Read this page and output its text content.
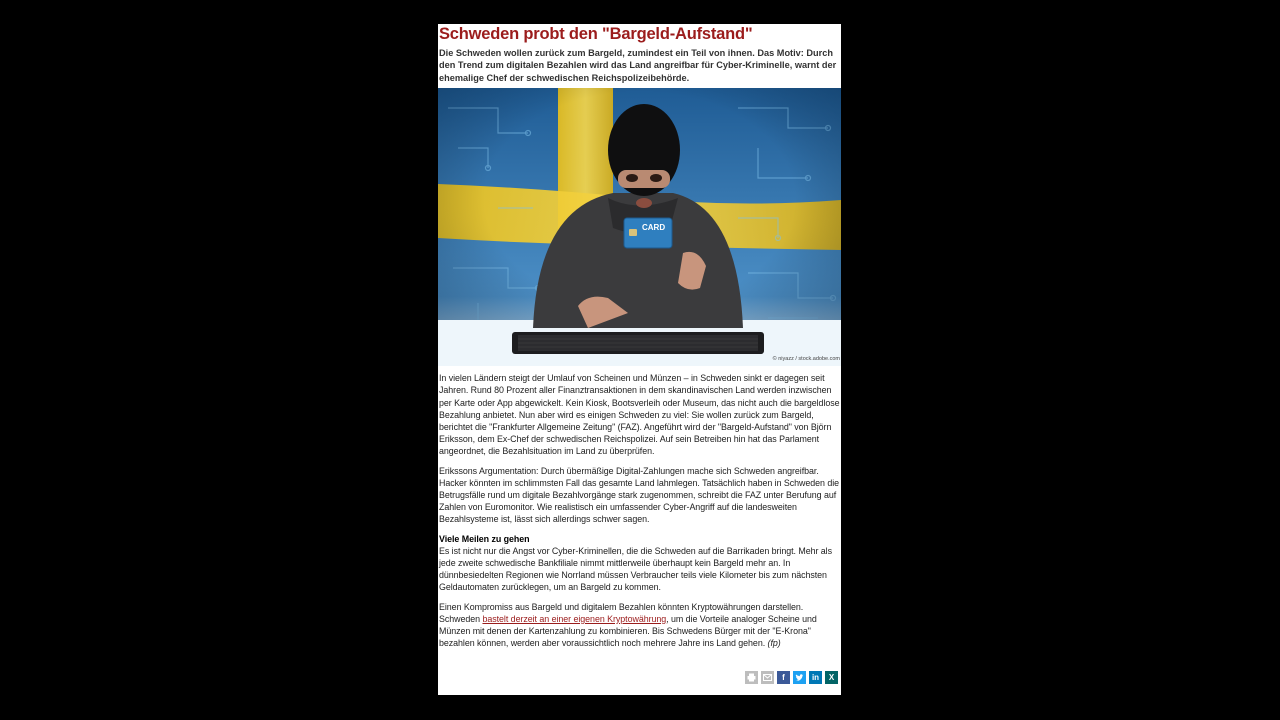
Schweden probt den "Bargeld-Aufstand"
Die Schweden wollen zurück zum Bargeld, zumindest ein Teil von ihnen. Das Motiv: Durch den Trend zum digitalen Bezahlen wird das Land angreifbar für Cyber-Kriminelle, warnt der ehemalige Chef der schwedischen Reichspolizeibehörde.
CARD
© niyazz / stock.adobe.com

In vielen Ländern steigt der Umlauf von Scheinen und Münzen – in Schweden sinkt er dagegen seit Jahren. Rund 80 Prozent aller Finanztransaktionen in dem skandinavischen Land werden inzwischen per Karte oder App abgewickelt. Kein Kiosk, Bootsverleih oder Museum, das nicht auch die bargeldlose Bezahlung anbietet. Nun aber wird es einigen Schweden zu viel: Sie wollen zurück zum Bargeld, berichtet die "Frankfurter Allgemeine Zeitung" (FAZ). Angeführt wird der "Bargeld-Aufstand" von Björn Eriksson, dem Ex-Chef der schwedischen Reichspolizei. Auf sein Betreiben hin hat das Parlament angeordnet, die Bezahlsituation im Land zu überprüfen.

Erikssons Argumentation: Durch übermäßige Digital-Zahlungen mache sich Schweden angreifbar. Hacker könnten im schlimmsten Fall das gesamte Land lahmlegen. Tatsächlich haben in Schweden die Betrugsfälle rund um digitale Bezahlvorgänge stark zugenommen, schreibt die FAZ unter Berufung auf Zahlen von Euromonitor. Wie realistisch ein umfassender Cyber-Angriff auf die landesweiten Bezahlsysteme ist, lässt sich allerdings schwer sagen.

Viele Meilen zu gehen

Es ist nicht nur die Angst vor Cyber-Kriminellen, die die Schweden auf die Barrikaden bringt. Mehr als jede zweite schwedische Bankfiliale nimmt mittlerweile überhaupt kein Bargeld mehr an. In dünnbesiedelten Regionen wie Norrland müssen Verbraucher teils viele Kilometer bis zum nächsten Geldautomaten zurücklegen, um an Bargeld zu kommen.

Einen Kompromiss aus Bargeld und digitalem Bezahlen könnten Kryptowährungen darstellen. Schweden bastelt derzeit an einer eigenen Kryptowährung, um die Vorteile analoger Scheine und Münzen mit denen der Kartenzahlung zu kombinieren. Bis Schwedens Bürger mit der "E-Krona" bezahlen können, werden aber voraussichtlich noch mehrere Jahre ins Land gehen. (fp)

f	in	X
